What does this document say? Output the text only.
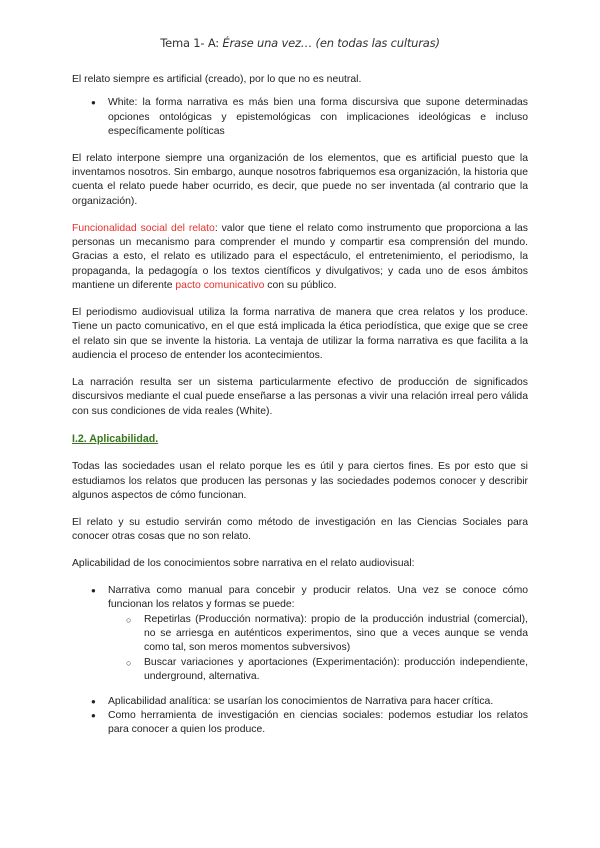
Tema 1- A: Érase una vez… (en todas las culturas)

El relato siempre es artificial (creado), por lo que no es neutral.

● White: la forma narrativa es más bien una forma discursiva que supone determinadas opciones ontológicas y epistemológicas con implicaciones ideológicas e incluso específicamente políticas

El relato interpone siempre una organización de los elementos, que es artificial puesto que la inventamos nosotros. Sin embargo, aunque nosotros fabriquemos esa organización, la historia que cuenta el relato puede haber ocurrido, es decir, que puede no ser inventada (al contrario que la organización).

Funcionalidad social del relato: valor que tiene el relato como instrumento que proporciona a las personas un mecanismo para comprender el mundo y compartir esa comprensión del mundo. Gracias a esto, el relato es utilizado para el espectáculo, el entretenimiento, el periodismo, la propaganda, la pedagogía o los textos científicos y divulgativos; y cada uno de esos ámbitos mantiene un diferente pacto comunicativo con su público.

El periodismo audiovisual utiliza la forma narrativa de manera que crea relatos y los produce. Tiene un pacto comunicativo, en el que está implicada la ética periodística, que exige que se cree el relato sin que se invente la historia. La ventaja de utilizar la forma narrativa es que facilita a la audiencia el proceso de entender los acontecimientos.

La narración resulta ser un sistema particularmente efectivo de producción de significados discursivos mediante el cual puede enseñarse a las personas a vivir una relación irreal pero válida con sus condiciones de vida reales (White).

I.2. Aplicabilidad.

Todas las sociedades usan el relato porque les es útil y para ciertos fines. Es por esto que si estudiamos los relatos que producen las personas y las sociedades podemos conocer y describir algunos aspectos de cómo funcionan.

El relato y su estudio servirán como método de investigación en las Ciencias Sociales para conocer otras cosas que no son relato.

Aplicabilidad de los conocimientos sobre narrativa en el relato audiovisual:

● Narrativa como manual para concebir y producir relatos. Una vez se conoce cómo funcionan los relatos y formas se puede:
○ Repetirlas (Producción normativa): propio de la producción industrial (comercial), no se arriesga en auténticos experimentos, sino que a veces aunque se venda como tal, son meros momentos subversivos)
○ Buscar variaciones y aportaciones (Experimentación): producción independiente, underground, alternativa.
● Aplicabilidad analítica: se usarían los conocimientos de Narrativa para hacer crítica.
● Como herramienta de investigación en ciencias sociales: podemos estudiar los relatos para conocer a quien los produce.
